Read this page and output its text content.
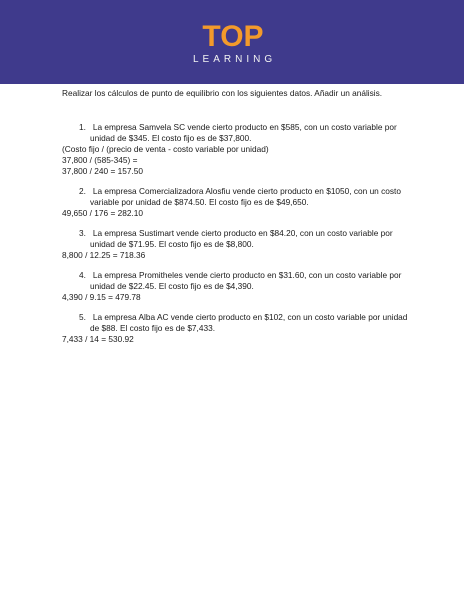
TOP
LEARNING

Realizar los cálculos de punto de equilibrio con los siguientes datos. Añadir un análisis.

1. La empresa Samvela SC vende cierto producto en $585, con un costo variable por unidad de $345. El costo fijo es de $37,800.

(Costo fijo / (precio de venta - costo variable por unidad)

37,800 / (585-345) =

37,800 / 240 = 157.50

2. La empresa Comercializadora Alosfiu vende cierto producto en $1050, con un costo variable por unidad de $874.50. El costo fijo es de $49,650.

49,650 / 176 = 282.10

3. La empresa Sustimart vende cierto producto en $84.20, con un costo variable por unidad de $71.95. El costo fijo es de $8,800.

8,800 / 12.25 = 718.36

4. La empresa Promitheles vende cierto producto en $31.60, con un costo variable por unidad de $22.45. El costo fijo es de $4,390.

4,390 / 9.15 = 479.78

5. La empresa Alba AC vende cierto producto en $102, con un costo variable por unidad de $88. El costo fijo es de $7,433.

7,433 / 14 = 530.92
